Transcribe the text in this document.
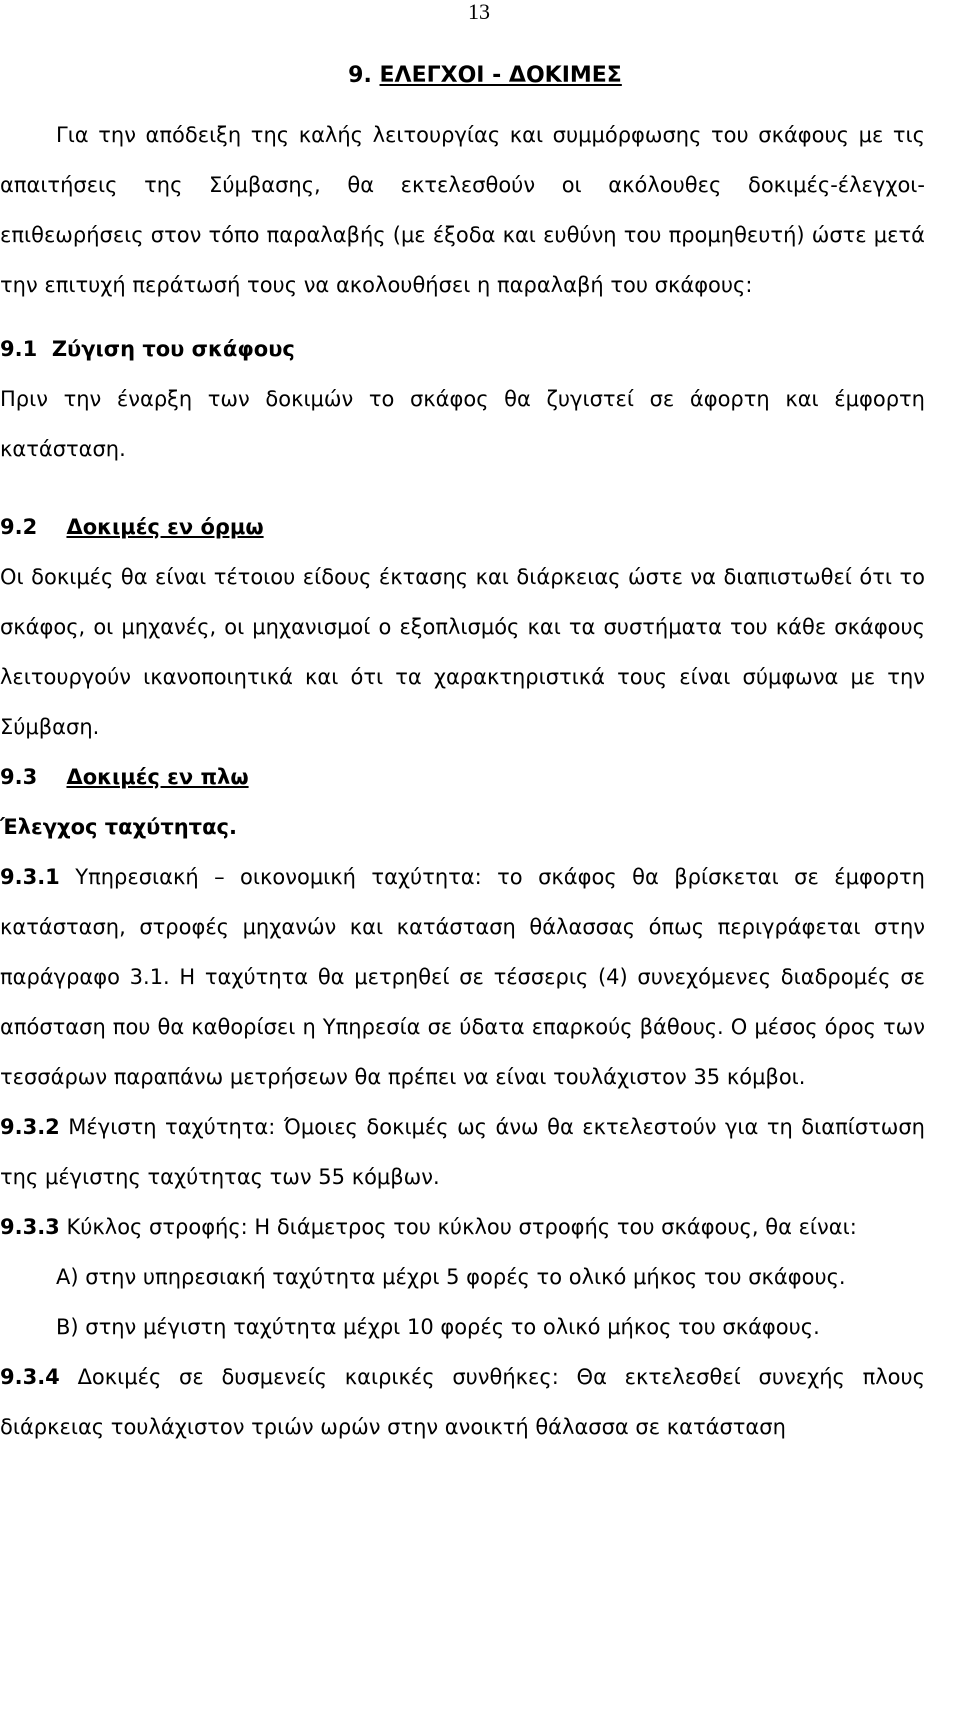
13
9. ΕΛΕΓΧΟΙ - ΔΟΚΙΜΕΣ

Για την απόδειξη της καλής λειτουργίας και συμμόρφωσης του σκάφους με τις απαιτήσεις της Σύμβασης, θα εκτελεσθούν οι ακόλουθες δοκιμές-έλεγχοι-επιθεωρήσεις στον τόπο παραλαβής (με έξοδα και ευθύνη του προμηθευτή) ώστε μετά την επιτυχή περάτωσή τους να ακολουθήσει η παραλαβή του σκάφους:

9.1 Ζύγιση του σκάφους

Πριν την έναρξη των δοκιμών το σκάφος θα ζυγιστεί σε άφορτη και έμφορτη κατάσταση.

9.2 Δοκιμές εν όρμω

Οι δοκιμές θα είναι τέτοιου είδους έκτασης και διάρκειας ώστε να διαπιστωθεί ότι το σκάφος, οι μηχανές, οι μηχανισμοί ο εξοπλισμός και τα συστήματα του κάθε σκάφους λειτουργούν ικανοποιητικά και ότι τα χαρακτηριστικά τους είναι σύμφωνα με την Σύμβαση.

9.3 Δοκιμές εν πλω
Έλεγχος ταχύτητας.

9.3.1 Υπηρεσιακή – οικονομική ταχύτητα: το σκάφος θα βρίσκεται σε έμφορτη κατάσταση, στροφές μηχανών και κατάσταση θάλασσας όπως περιγράφεται στην παράγραφο 3.1. Η ταχύτητα θα μετρηθεί σε τέσσερις (4) συνεχόμενες διαδρομές σε απόσταση που θα καθορίσει η Υπηρεσία σε ύδατα επαρκούς βάθους. Ο μέσος όρος των τεσσάρων παραπάνω μετρήσεων θα πρέπει να είναι τουλάχιστον 35 κόμβοι.

9.3.2 Μέγιστη ταχύτητα: Όμοιες δοκιμές ως άνω θα εκτελεστούν για τη διαπίστωση της μέγιστης ταχύτητας των 55 κόμβων.

9.3.3 Κύκλος στροφής: Η διάμετρος του κύκλου στροφής του σκάφους, θα είναι:

Α) στην υπηρεσιακή ταχύτητα μέχρι 5 φορές το ολικό μήκος του σκάφους.

Β) στην μέγιστη ταχύτητα μέχρι 10 φορές το ολικό μήκος του σκάφους.

9.3.4 Δοκιμές σε δυσμενείς καιρικές συνθήκες: Θα εκτελεσθεί συνεχής πλους διάρκειας τουλάχιστον τριών ωρών στην ανοικτή θάλασσα σε κατάσταση
